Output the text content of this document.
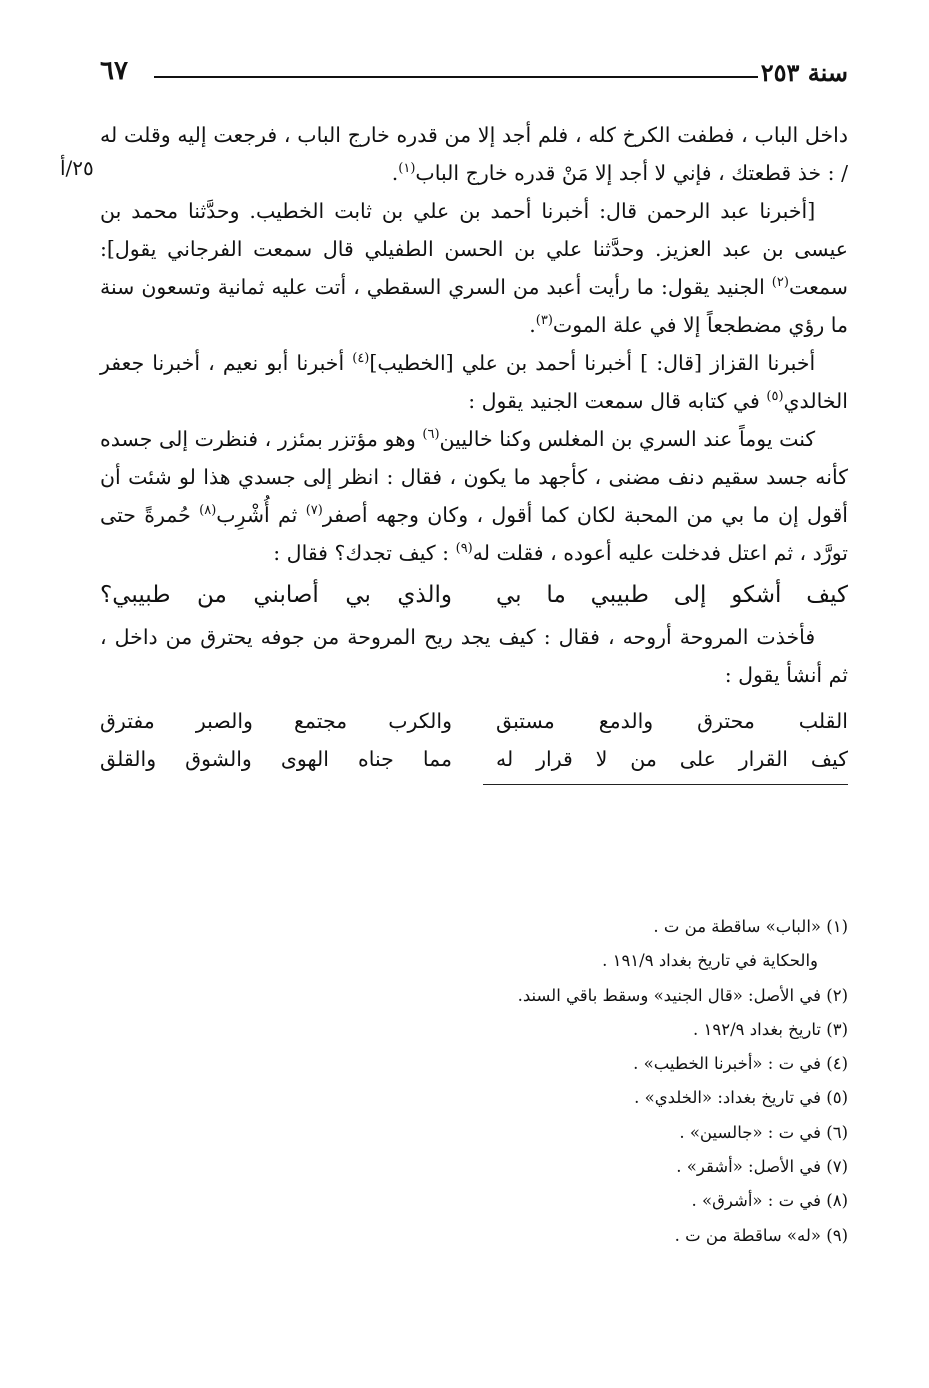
سنة ٢٥٣
٦٧
٢٥/أ

داخل الباب ، فطفت الكرخ كله ، فلم أجد إلا من قدره خارج الباب ، فرجعت إليه وقلت له / : خذ قطعتك ، فإني لا أجد إلا مَنْ قدره خارج الباب$^{(١)}$.

[أخبرنا عبد الرحمن قال: أخبرنا أحمد بن علي بن ثابت الخطيب. وحدَّثنا محمد بن عيسى بن عبد العزيز. وحدَّثنا علي بن الحسن الطفيلي قال سمعت الفرجاني يقول]: سمعت$^{(٢)}$ الجنيد يقول: ما رأيت أعبد من السري السقطي ، أتت عليه ثمانية وتسعون سنة ما رؤي مضطجعاً إلا في علة الموت$^{(٣)}$.

أخبرنا القزاز [قال: ] أخبرنا أحمد بن علي [الخطيب]$^{(٤)}$ أخبرنا أبو نعيم ، أخبرنا جعفر الخالدي$^{(٥)}$ في كتابه قال سمعت الجنيد يقول :

كنت يوماً عند السري بن المغلس وكنا خاليين$^{(٦)}$ وهو مؤتزر بمئزر ، فنظرت إلى جسده كأنه جسد سقيم دنف مضنى ، كأجهد ما يكون ، فقال : انظر إلى جسدي هذا لو شئت أن أقول إن ما بي من المحبة لكان كما أقول ، وكان وجهه أصفر$^{(٧)}$ ثم أُشْرِب$^{(٨)}$ حُمرةً حتى تورَّد ، ثم اعتل فدخلت عليه أعوده ، فقلت له$^{(٩)}$ : كيف تجدك؟ فقال :

كيف أشكو إلى طبيبي ما بي
والذي بي أصابني من طبيبي؟

فأخذت المروحة أروحه ، فقال : كيف يجد ريح المروحة من جوفه يحترق من داخل ، ثم أنشأ يقول :

القلب محترق والدمع مستبق
والكرب مجتمع والصبر مفترق
كيف القرار على من لا قرار له
مما جناه الهوى والشوق والقلق

(١) «الباب» ساقطة من ت .

والحكاية في تاريخ بغداد ١٩١/٩ .

(٢) في الأصل: «قال الجنيد» وسقط باقي السند.

(٣) تاريخ بغداد ١٩٢/٩ .

(٤) في ت : «أخبرنا الخطيب» .

(٥) في تاريخ بغداد: «الخلدي» .

(٦) في ت : «جالسين» .

(٧) في الأصل: «أشقر» .

(٨) في ت : «أشرق» .

(٩) «له» ساقطة من ت .
